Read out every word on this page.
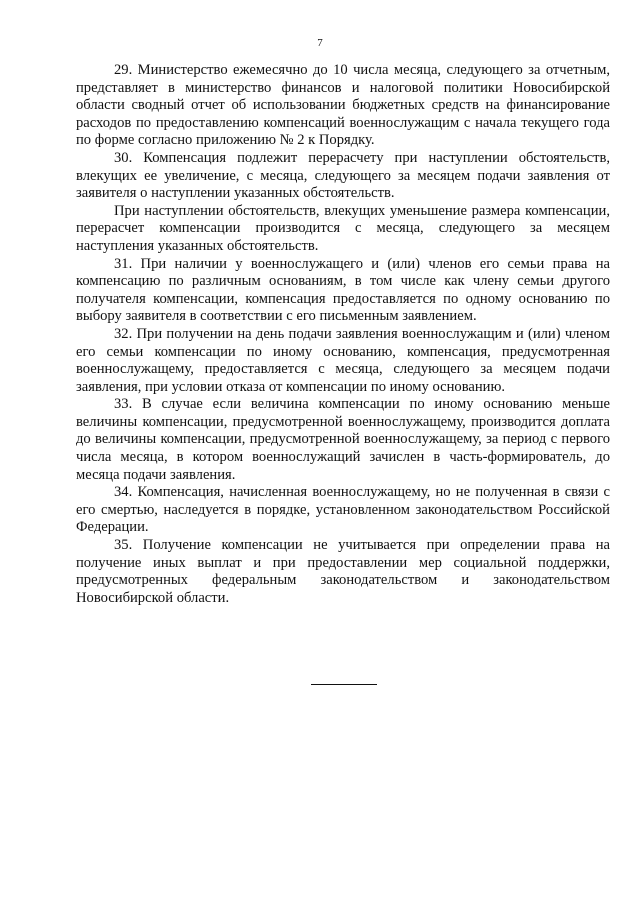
7

29. Министерство ежемесячно до 10 числа месяца, следующего за отчетным, представляет в министерство финансов и налоговой политики Новосибирской области сводный отчет об использовании бюджетных средств на финансирование расходов по предоставлению компенсаций военнослужащим с начала текущего года по форме согласно приложению № 2 к Порядку.

30. Компенсация подлежит перерасчету при наступлении обстоятельств, влекущих ее увеличение, с месяца, следующего за месяцем подачи заявления от заявителя о наступлении указанных обстоятельств.

При наступлении обстоятельств, влекущих уменьшение размера компенсации, перерасчет компенсации производится с месяца, следующего за месяцем наступления указанных обстоятельств.

31. При наличии у военнослужащего и (или) членов его семьи права на компенсацию по различным основаниям, в том числе как члену семьи другого получателя компенсации, компенсация предоставляется по одному основанию по выбору заявителя в соответствии с его письменным заявлением.

32. При получении на день подачи заявления военнослужащим и (или) членом его семьи компенсации по иному основанию, компенсация, предусмотренная военнослужащему, предоставляется с месяца, следующего за месяцем подачи заявления, при условии отказа от компенсации по иному основанию.

33. В случае если величина компенсации по иному основанию меньше величины компенсации, предусмотренной военнослужащему, производится доплата до величины компенсации, предусмотренной военнослужащему, за период с первого числа месяца, в котором военнослужащий зачислен в часть-формирователь, до месяца подачи заявления.

34. Компенсация, начисленная военнослужащему, но не полученная в связи с его смертью, наследуется в порядке, установленном законодательством Российской Федерации.

35. Получение компенсации не учитывается при определении права на получение иных выплат и при предоставлении мер социальной поддержки, предусмотренных федеральным законодательством и законодательством Новосибирской области.
